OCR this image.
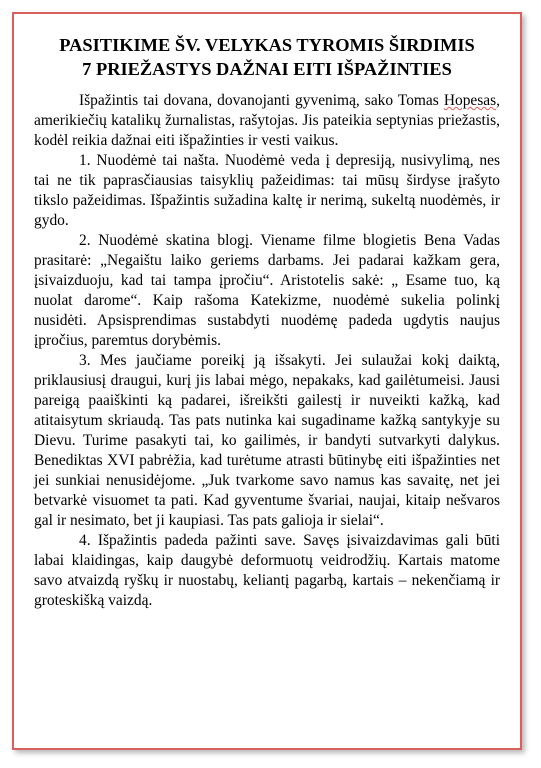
PASITIKIME ŠV. VELYKAS TYROMIS ŠIRDIMIS
7 PRIEŽASTYS DAŽNAI EITI IŠPAŽINTIES

Išpažintis tai dovana, dovanojanti gyvenimą, sako Tomas Hopesas, amerikiečių katalikų žurnalistas, rašytojas. Jis pateikia septynias priežastis, kodėl reikia dažnai eiti išpažinties ir vesti vaikus.

1. Nuodėmė tai našta. Nuodėmė veda į depresiją, nusivylimą, nes tai ne tik paprasčiausias taisyklių pažeidimas: tai mūsų širdyse įrašyto tikslo pažeidimas. Išpažintis sužadina kaltę ir nerimą, sukeltą nuodėmės, ir gydo.

2. Nuodėmė skatina blogį. Viename filme blogietis Bena Vadas prasitarė: „Negaištu laiko geriems darbams. Jei padarai kažkam gera, įsivaizduoju, kad tai tampa įpročiu“. Aristotelis sakė: „ Esame tuo, ką nuolat darome“. Kaip rašoma Katekizme, nuodėmė sukelia polinkį nusidėti. Apsisprendimas sustabdyti nuodėmę padeda ugdytis naujus įpročius, paremtus dorybėmis.

3. Mes jaučiame poreikį ją išsakyti. Jei sulaužai kokį daiktą, priklausiusį draugui, kurį jis labai mėgo, nepakaks, kad gailėtumeisi. Jausi pareigą paaiškinti ką padarei, išreikšti gailestį ir nuveikti kažką, kad atitaisytum skriaudą. Tas pats nutinka kai sugadiname kažką santykyje su Dievu. Turime pasakyti tai, ko gailimės, ir bandyti sutvarkyti dalykus. Benediktas XVI pabrėžia, kad turėtume atrasti būtinybę eiti išpažinties net jei sunkiai nenusidėjome. „Juk tvarkome savo namus kas savaitę, net jei betvarkė visuomet ta pati. Kad gyventume švariai, naujai, kitaip nešvaros gal ir nesimato, bet ji kaupiasi. Tas pats galioja ir sielai“.

4. Išpažintis padeda pažinti save. Savęs įsivaizdavimas gali būti labai klaidingas, kaip daugybė deformuotų veidrodžių. Kartais matome savo atvaizdą ryškų ir nuostabų, keliantį pagarbą, kartais – nekenčiamą ir groteskišką vaizdą.
